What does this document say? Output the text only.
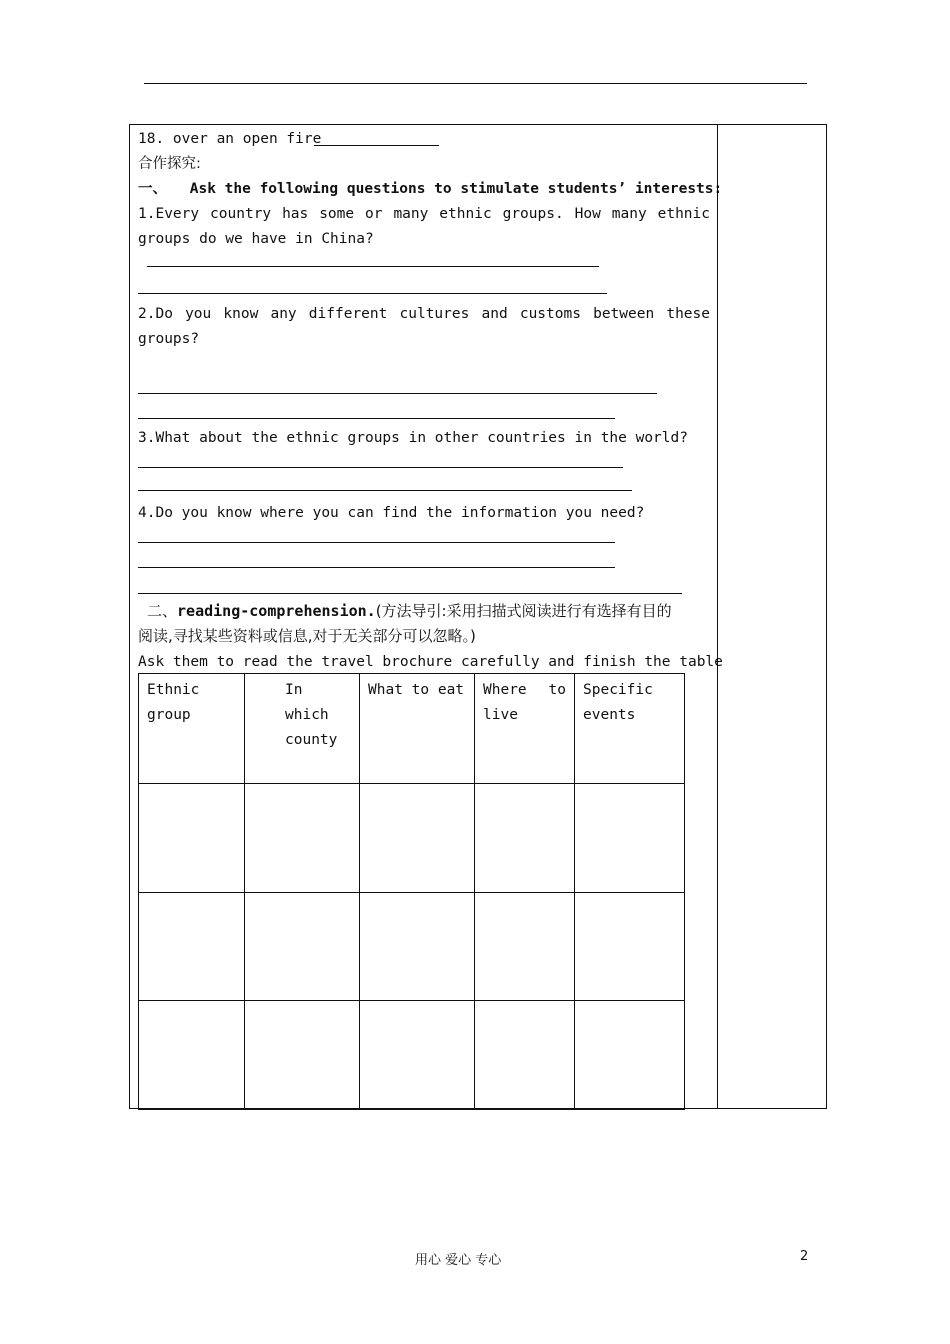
18. over an open fire
合作探究:
一、 Ask the following questions to stimulate students’ interests:
1.Every country has some or many ethnic groups. How many ethnic
groups do we have in China?
2.Do you know any different cultures and customs between these
groups?
3.What about the ethnic groups in other countries in the world?
4.Do you know where you can find the information you need?
二、reading-comprehension.(方法导引:采用扫描式阅读进行有选择有目的
阅读,寻找某些资料或信息,对于无关部分可以忽略。)
Ask them to read the travel brochure carefully and finish the table
Ethnic group	In which county	What to eat	Where to live	Specific events

用心 爱心 专心	2
